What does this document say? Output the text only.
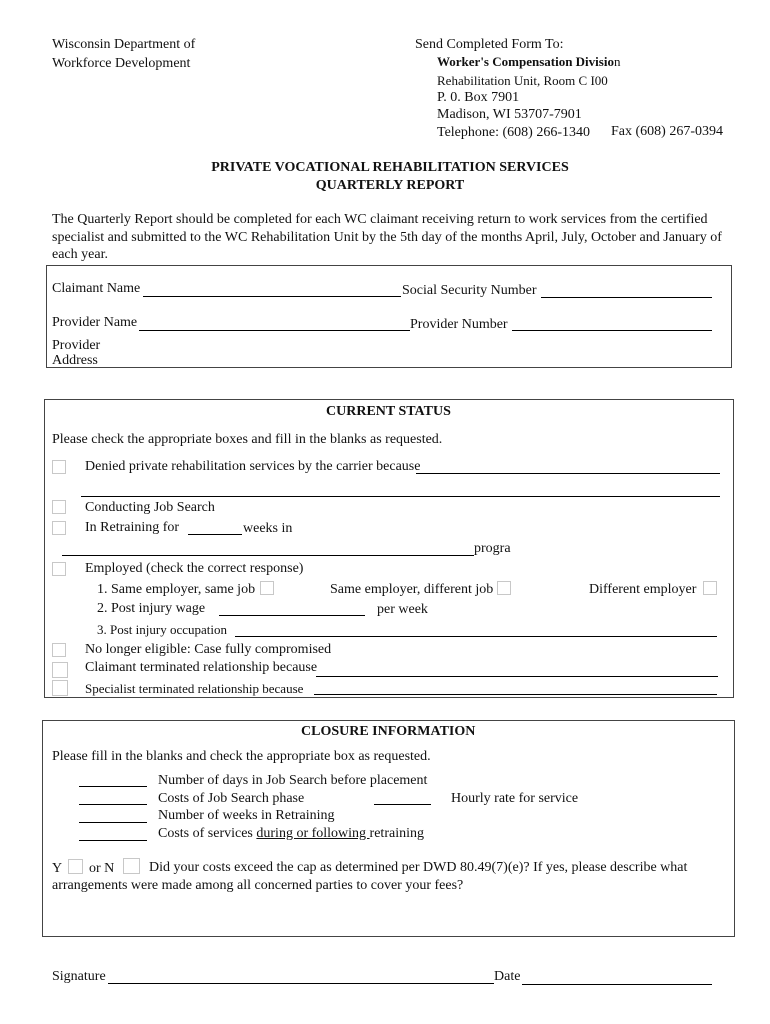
Wisconsin Department of
Workforce Development
Send Completed Form To:
Worker's Compensation Division
Rehabilitation Unit, Room C I00
P. 0. Box 7901
Madison, WI 53707-7901
Telephone: (608) 266-1340 Fax (608) 267-0394
PRIVATE VOCATIONAL REHABILITATION SERVICES
QUARTERLY REPORT
The Quarterly Report should be completed for each WC claimant receiving return to work services from the certified
specialist and submitted to the WC Rehabilitation Unit by the 5th day of the months April, July, October and January of
each year.
Claimant Name	Social Security Number
Provider Name	Provider Number
Provider
Address
CURRENT STATUS
Please check the appropriate boxes and fill in the blanks as requested.
Denied private rehabilitation services by the carrier because
Conducting Job Search
In Retraining for	weeks in
progra
Employed (check the correct response)
1. Same employer, same job	Same employer, different job	Different employer
2. Post injury wage	per week
3. Post injury occupation
No longer eligible: Case fully compromised
Claimant terminated relationship because
Specialist terminated relationship because
CLOSURE INFORMATION
Please fill in the blanks and check the appropriate box as requested.
Number of days in Job Search before placement
Costs of Job Search phase	Hourly rate for service
Number of weeks in Retraining
Costs of services during or following retraining
Y or N Did your costs exceed the cap as determined per DWD 80.49(7)(e)? If yes, please describe what
arrangements were made among all concerned parties to cover your fees?
Signature	Date
